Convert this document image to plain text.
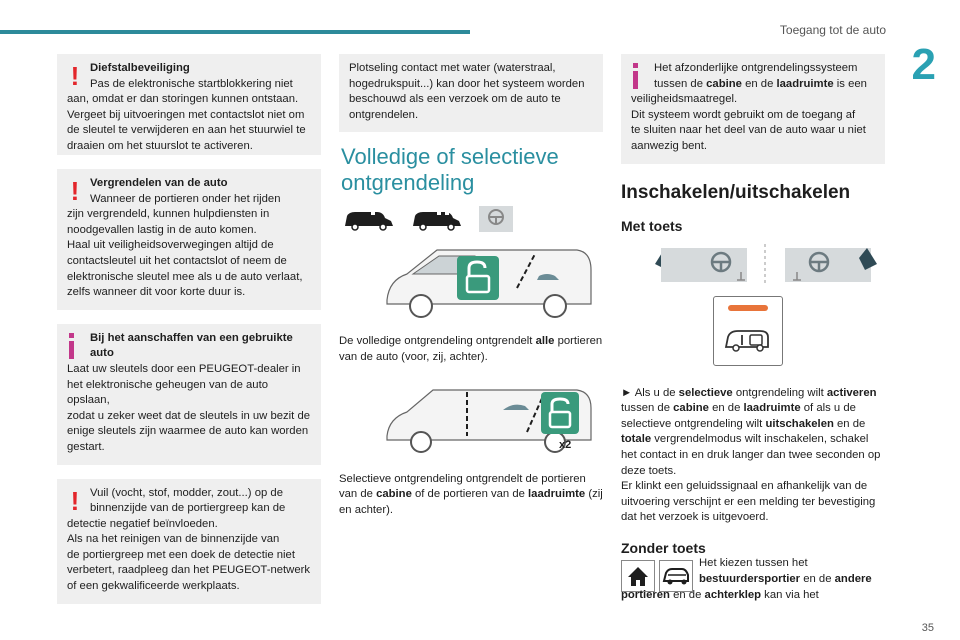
Toegang tot de auto
2
! Diefstalbeveiliging

Pas de elektronische startblokkering niet

aan, omdat er dan storingen kunnen ontstaan.

Vergeet bij uitvoeringen met contactslot niet om

de sleutel te verwijderen en aan het stuurwiel te

draaien om het stuurslot te activeren.

! Vergrendelen van de auto

Wanneer de portieren onder het rijden

zijn vergrendeld, kunnen hulpdiensten in

noodgevallen lastig in de auto komen.

Haal uit veiligheidsoverwegingen altijd de

contactsleutel uit het contactslot of neem de

elektronische sleutel mee als u de auto verlaat,

zelfs wanneer dit voor korte duur is.

Bij het aanschaffen van een gebruikte

auto

Laat uw sleutels door een PEUGEOT-dealer in

het elektronische geheugen van de auto opslaan,

zodat u zeker weet dat de sleutels in uw bezit de

enige sleutels zijn waarmee de auto kan worden

gestart.

! Vuil (vocht, stof, modder, zout...) op de

binnenzijde van de portiergreep kan de

detectie negatief beïnvloeden.

Als na het reinigen van de binnenzijde van

de portiergreep met een doek de detectie niet

verbetert, raadpleeg dan het PEUGEOT-netwerk

of een gekwalificeerde werkplaats.

Plotseling contact met water (waterstraal,

hogedrukspuit...) kan door het systeem worden

beschouwd als een verzoek om de auto te

ontgrendelen.

Volledige of selectieve
ontgrendeling

De volledige ontgrendeling ontgrendelt alle portieren
van de auto (voor, zij, achter).

x2

Selectieve ontgrendeling ontgrendelt de portieren
van de cabine of de portieren van de laadruimte (zij
en achter).

Het afzonderlijke ontgrendelingssysteem

tussen de cabine en de laadruimte is een

veiligheidsmaatregel.

Dit systeem wordt gebruikt om de toegang af

te sluiten naar het deel van de auto waar u niet

aanwezig bent.

Inschakelen/uitschakelen
Met toets

► Als u de selectieve ontgrendeling wilt activeren
tussen de cabine en de laadruimte of als u de
selectieve ontgrendeling wilt uitschakelen en de
totale vergrendelmodus wilt inschakelen, schakel
het contact in en druk langer dan twee seconden op
deze toets.
Er klinkt een geluidssignaal en afhankelijk van de
uitvoering verschijnt er een melding ter bevestiging
dat het verzoek is uitgevoerd.

Zonder toets
Het kiezen tussen het
bestuurdersportier en de andere
portieren en de achterklep kan via het
35
